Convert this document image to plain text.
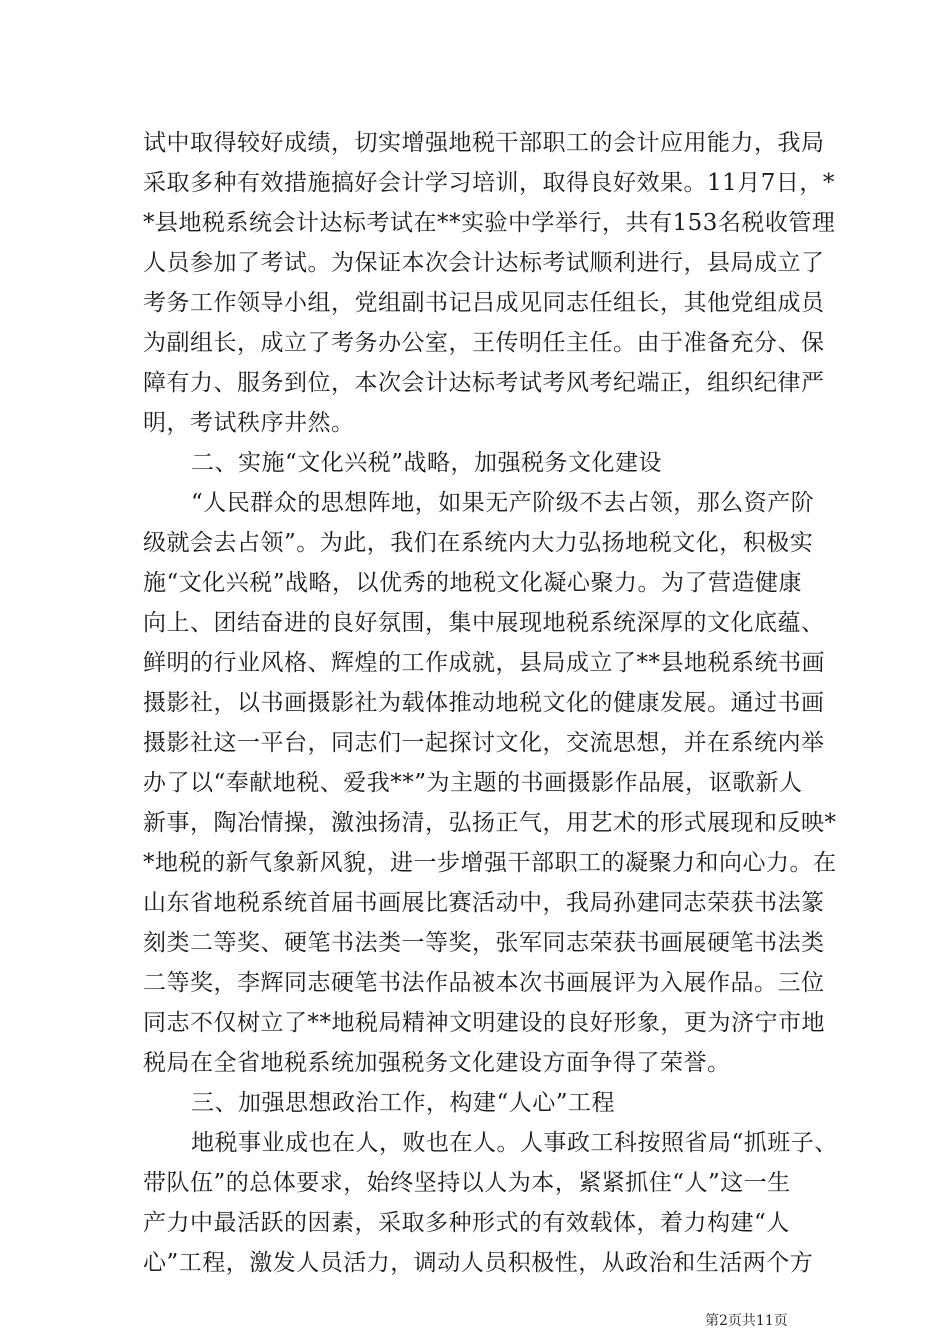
试中取得较好成绩，切实增强地税干部职工的会计应用能力，我局
采取多种有效措施搞好会计学习培训，取得良好效果。11月7日，*
*县地税系统会计达标考试在**实验中学举行，共有153名税收管理
人员参加了考试。为保证本次会计达标考试顺利进行，县局成立了
考务工作领导小组，党组副书记吕成见同志任组长，其他党组成员
为副组长，成立了考务办公室，王传明任主任。由于准备充分、保
障有力、服务到位，本次会计达标考试考风考纪端正，组织纪律严
明，考试秩序井然。
二、实施“文化兴税”战略，加强税务文化建设
“人民群众的思想阵地，如果无产阶级不去占领，那么资产阶
级就会去占领”。为此，我们在系统内大力弘扬地税文化，积极实
施“文化兴税”战略，以优秀的地税文化凝心聚力。为了营造健康
向上、团结奋进的良好氛围，集中展现地税系统深厚的文化底蕴、
鲜明的行业风格、辉煌的工作成就，县局成立了**县地税系统书画
摄影社，以书画摄影社为载体推动地税文化的健康发展。通过书画
摄影社这一平台，同志们一起探讨文化，交流思想，并在系统内举
办了以“奉献地税、爱我**”为主题的书画摄影作品展，讴歌新人
新事，陶冶情操，激浊扬清，弘扬正气，用艺术的形式展现和反映*
*地税的新气象新风貌，进一步增强干部职工的凝聚力和向心力。在
山东省地税系统首届书画展比赛活动中，我局孙建同志荣获书法篆
刻类二等奖、硬笔书法类一等奖，张军同志荣获书画展硬笔书法类
二等奖，李辉同志硬笔书法作品被本次书画展评为入展作品。三位
同志不仅树立了**地税局精神文明建设的良好形象，更为济宁市地
税局在全省地税系统加强税务文化建设方面争得了荣誉。
三、加强思想政治工作，构建“人心”工程
地税事业成也在人，败也在人。人事政工科按照省局“抓班子、
带队伍”的总体要求，始终坚持以人为本，紧紧抓住“人”这一生
产力中最活跃的因素，采取多种形式的有效载体，着力构建“人
心”工程，激发人员活力，调动人员积极性，从政治和生活两个方
第2页共11页
